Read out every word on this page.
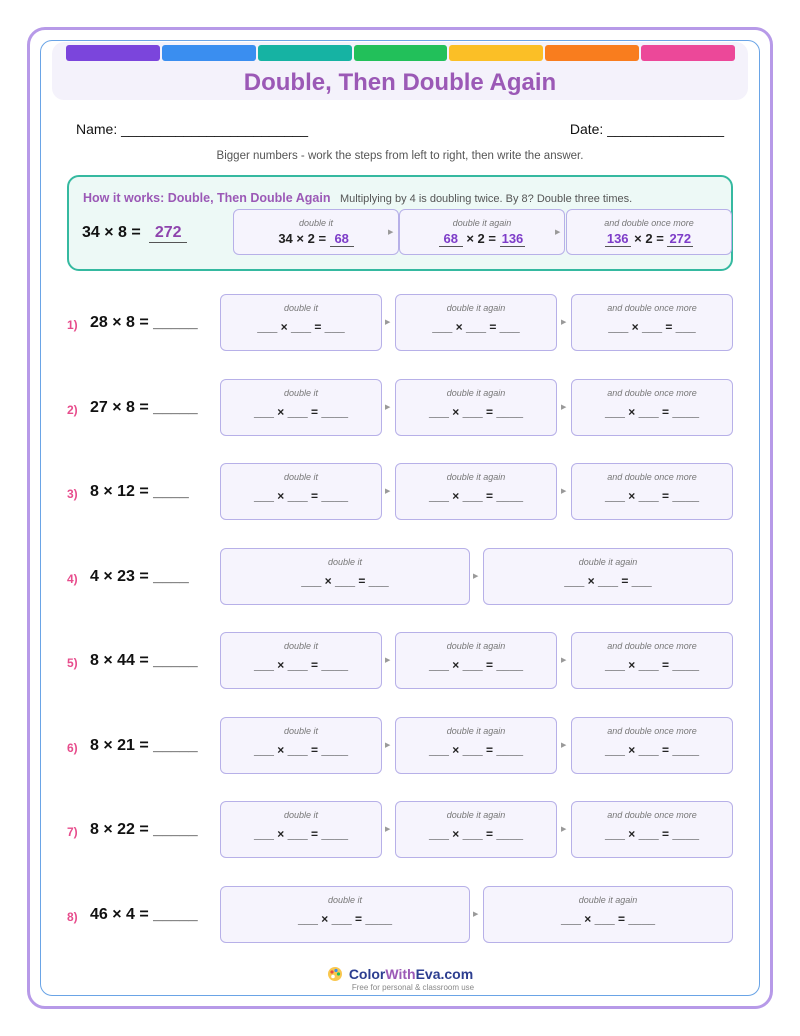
Double, Then Double Again
Name: ________________________	Date: _______________
Bigger numbers - work the steps from left to right, then write the answer.
How it works: Double, Then Double Again Multiplying by 4 is doubling twice. By 8? Double three times.
34 × 8 = 272
double it
34 × 2 = 68
double it again
68 × 2 = 136
▶
and double once more
136 × 2 = 272
▶
1) 28 × 8 = _____
double it
___ × ___ = ___
double it again
___ × ___ = ___
▶
and double once more
___ × ___ = ___
▶
2) 27 × 8 = _____
double it
___ × ___ = ____
double it again
___ × ___ = ____
▶
and double once more
___ × ___ = ____
▶
3) 8 × 12 = ____
double it
___ × ___ = ____
double it again
___ × ___ = ____
▶
and double once more
___ × ___ = ____
▶
4) 4 × 23 = ____
double it
___ × ___ = ___
double it again
___ × ___ = ___
▶
5) 8 × 44 = _____
double it
___ × ___ = ____
double it again
___ × ___ = ____
▶
and double once more
___ × ___ = ____
▶
6) 8 × 21 = _____
double it
___ × ___ = ____
double it again
___ × ___ = ____
▶
and double once more
___ × ___ = ____
▶
7) 8 × 22 = _____
double it
___ × ___ = ____
double it again
___ × ___ = ____
▶
and double once more
___ × ___ = ____
▶
8) 46 × 4 = _____
double it
___ × ___ = ____
double it again
___ × ___ = ____
▶
ColorWithEva.com
Free for personal & classroom use
